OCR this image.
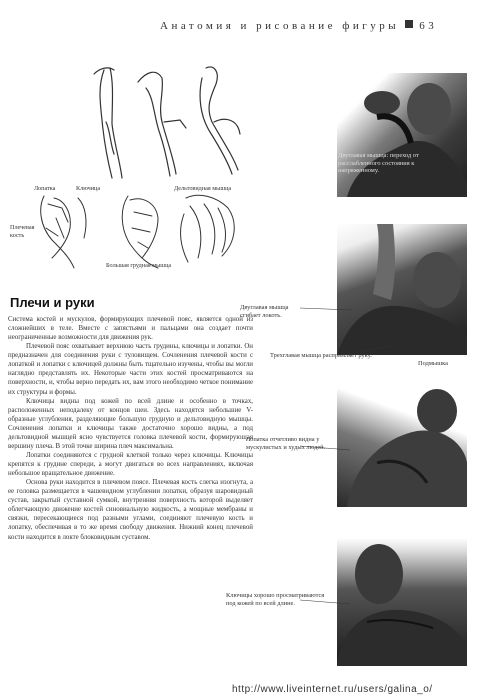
Анатомия и рисование фигуры 63
Двуглавая мышца: переход от расслабленного состояния к напряженному.
Лопатка	Ключица	Дельтовидная мышца
Плечевая кость
Большая грудная мышца
Плечи и руки

Система костей и мускулов, формирующих плечевой пояс, является одной из сложнейших в теле. Вместе с запястьями и пальцами она создает почти неограниченные возможности для движения рук.

Плечевой пояс охватывает верхнюю часть грудины, ключицы и лопатки. Он предназначен для соединения руки с туловищем. Сочленения плечевой кости с лопаткой и лопатки с ключицей должны быть тщательно изучены, чтобы вы могли наглядно представлять их. Некоторые части этих костей просматриваются на поверхности, и, чтобы верно передать их, вам этого необходимо четкое понимание их структуры и формы.

Ключицы видны под кожей по всей длине и особенно в точках, расположенных неподалеку от концов шеи. Здесь находятся небольшие V-образные углубления, разделяющие большую грудную и дельтовидную мышцы. Сочленения лопатки и ключицы также достаточно хорошо видны, а под дельтовидной мышцей ясно чувствуется головка плечевой кости, формирующая вершину плеча. В этой точке ширина плеч максимальна.

Лопатки соединяются с грудной клеткой только через ключицы. Ключицы крепятся к грудине спереди, а могут двигаться во всех направлениях, включая небольшое вращательное движение.

Основа руки находится в плечевом поясе. Плечевая кость слегка изогнута, а ее головка размещается в чашевидном углублении лопатки, образуя шаровидный сустав, закрытый суставной сумкой, внутренняя поверхность которой выделяет облегчающую движение костей синовиальную жидкость, а мощные мембраны и связки, пересекающиеся под разными углами, соединяют плечевую кость и лопатку, обеспечивая в то же время свободу движения. Нижний конец плечевой кости находится в локте блоковидным суставом.

Двуглавая мышца сгибает локоть.
Трехглавая мышца распрямляет руку.
Подмышка
Лопатка отчетливо видна у мускулистых и худых людей.
Ключицы хорошо просматриваются под кожей по всей длине.
http://www.liveinternet.ru/users/galina_o/
